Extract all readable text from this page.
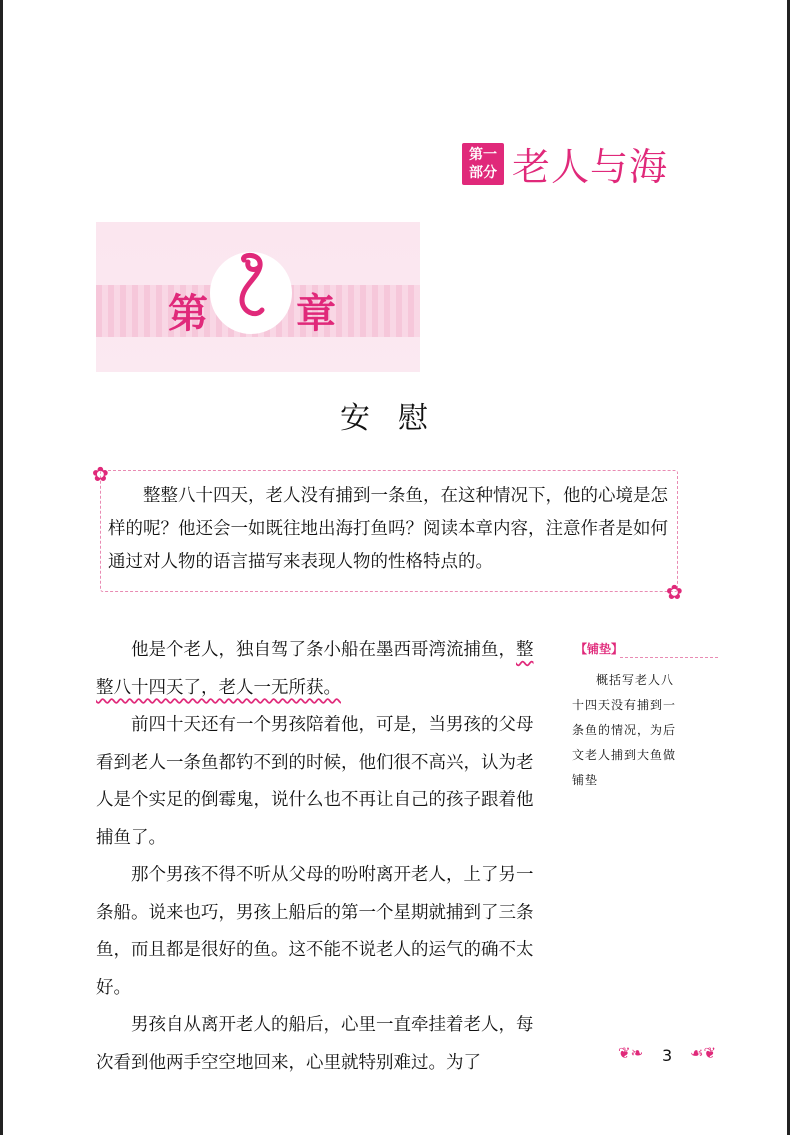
第一
部分 老人与海
第 章
安慰
✿
✿
整整八十四天，老人没有捕到一条鱼，在这种情况下，他的心境是怎样的呢？他还会一如既往地出海打鱼吗？阅读本章内容，注意作者是如何通过对人物的语言描写来表现人物的性格特点的。

他是个老人，独自驾了条小船在墨西哥湾流捕鱼，整整八十四天了，老人一无所获。

前四十天还有一个男孩陪着他，可是，当男孩的父母看到老人一条鱼都钓不到的时候，他们很不高兴，认为老人是个实足的倒霉鬼，说什么也不再让自己的孩子跟着他捕鱼了。

那个男孩不得不听从父母的吩咐离开老人，上了另一条船。说来也巧，男孩上船后的第一个星期就捕到了三条鱼，而且都是很好的鱼。这不能不说老人的运气的确不太好。

男孩自从离开老人的船后，心里一直牵挂着老人，每次看到他两手空空地回来，心里就特别难过。为了

【铺垫】
概括写老人八十四天没有捕到一条鱼的情况，为后文老人捕到大鱼做铺垫
❦❧	☙❦
3
